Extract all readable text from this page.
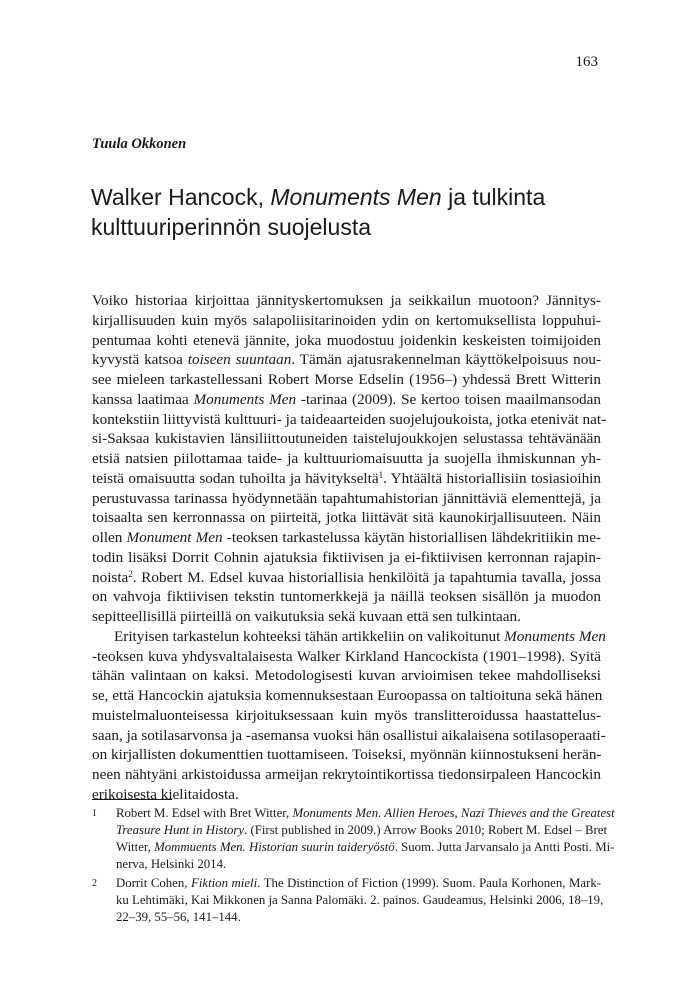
163
Tuula Okkonen
Walker Hancock, Monuments Men ja tulkinta
kulttuuriperinnön suojelusta

Voiko historiaa kirjoittaa jännityskertomuksen ja seikkailun muotoon? Jännitys-
kirjallisuuden kuin myös salapoliisitarinoiden ydin on kertomuksellista loppuhui-
pentumaa kohti etenevä jännite, joka muodostuu joidenkin keskeisten toimijoiden
kyvystä katsoa toiseen suuntaan. Tämän ajatusrakennelman käyttökelpoisuus nou-
see mieleen tarkastellessani Robert Morse Edselin (1956–) yhdessä Brett Witterin
kanssa laatimaa Monuments Men -tarinaa (2009). Se kertoo toisen maailmansodan
kontekstiin liittyvistä kulttuuri- ja taideaarteiden suojelujoukoista, jotka etenivät nat-
si-Saksaa kukistavien länsiliittoutuneiden taistelujoukkojen selustassa tehtävänään
etsiä natsien piilottamaa taide- ja kulttuuriomaisuutta ja suojella ihmiskunnan yh-
teistä omaisuutta sodan tuhoilta ja hävitykseltä$^1$. Yhtäältä historiallisiin tosiasioihin
perustuvassa tarinassa hyödynnetään tapahtumahistorian jännittäviä elementtejä, ja
toisaalta sen kerronnassa on piirteitä, jotka liittävät sitä kaunokirjallisuuteen. Näin
ollen Monument Men -teoksen tarkastelussa käytän historiallisen lähdekritiikin me-
todin lisäksi Dorrit Cohnin ajatuksia fiktiivisen ja ei-fiktiivisen kerronnan rajapin-
noista$^2$. Robert M. Edsel kuvaa historiallisia henkilöitä ja tapahtumia tavalla, jossa
on vahvoja fiktiivisen tekstin tuntomerkkejä ja näillä teoksen sisällön ja muodon
sepitteellisillä piirteillä on vaikutuksia sekä kuvaan että sen tulkintaan.

Erityisen tarkastelun kohteeksi tähän artikkeliin on valikoitunut Monuments Men
-teoksen kuva yhdysvaltalaisesta Walker Kirkland Hancockista (1901–1998). Syitä
tähän valintaan on kaksi. Metodologisesti kuvan arvioimisen tekee mahdolliseksi
se, että Hancockin ajatuksia komennuksestaan Euroopassa on taltioituna sekä hänen
muistelmaluonteisessa kirjoituksessaan kuin myös translitteroidussa haastattelus-
saan, ja sotilasarvonsa ja -asemansa vuoksi hän osallistui aikalaisena sotilasoperaati-
on kirjallisten dokumenttien tuottamiseen. Toiseksi, myönnän kiinnostukseni herän-
neen nähtyäni arkistoidussa armeijan rekrytointikortissa tiedonsirpaleen Hancockin
erikoisesta kielitaidosta.

1 Robert M. Edsel with Bret Witter, Monuments Men. Allien Heroes, Nazi Thieves and the Greatest
Treasure Hunt in History. (First published in 2009.) Arrow Books 2010; Robert M. Edsel – Bret
Witter, Mommuents Men. Historian suurin taideryöstö. Suom. Jutta Jarvansalo ja Antti Posti. Mi-
nerva, Helsinki 2014.
2 Dorrit Cohen, Fiktion mieli. The Distinction of Fiction (1999). Suom. Paula Korhonen, Mark-
ku Lehtimäki, Kai Mikkonen ja Sanna Palomäki. 2. painos. Gaudeamus, Helsinki 2006, 18–19,
22–39, 55–56, 141–144.
